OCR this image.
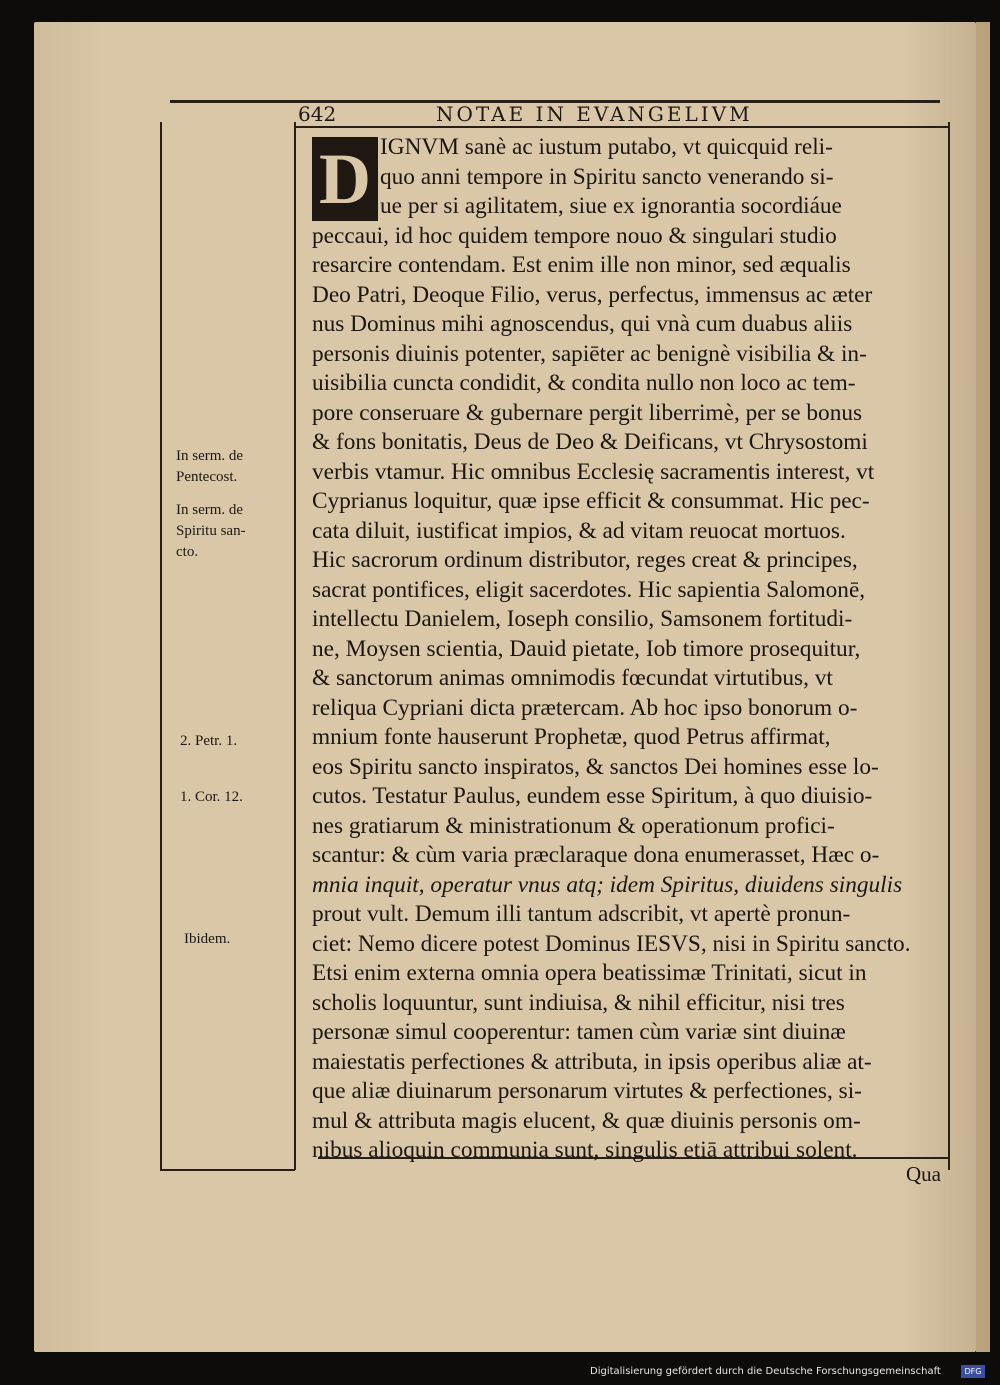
642	NOTAE IN EVANGELIVM
D IGNVM sanè ac iustum putabo, vt quicquid reli-
quo anni tempore in Spiritu sancto venerando si-
ue per si agilitatem, siue ex ignorantia socordiáue
peccaui, id hoc quidem tempore nouo & singulari studio
resarcire contendam. Est enim ille non minor, sed æqualis
Deo Patri, Deoque Filio, verus, perfectus, immensus ac æter
nus Dominus mihi agnoscendus, qui vnà cum duabus aliis
personis diuinis potenter, sapiēter ac benignè visibilia & in-
uisibilia cuncta condidit, & condita nullo non loco ac tem-
pore conseruare & gubernare pergit liberrimè, per se bonus
& fons bonitatis, Deus de Deo & Deificans, vt Chrysostomi
verbis vtamur. Hic omnibus Ecclesię sacramentis interest, vt
Cyprianus loquitur, quæ ipse efficit & consummat. Hic pec-
cata diluit, iustificat impios, & ad vitam reuocat mortuos.
Hic sacrorum ordinum distributor, reges creat & principes,
sacrat pontifices, eligit sacerdotes. Hic sapientia Salomonē,
intellectu Danielem, Ioseph consilio, Samsonem fortitudi-
ne, Moysen scientia, Dauid pietate, Iob timore prosequitur,
& sanctorum animas omnimodis fœcundat virtutibus, vt
reliqua Cypriani dicta prætercam. Ab hoc ipso bonorum o-
mnium fonte hauserunt Prophetæ, quod Petrus affirmat,
eos Spiritu sancto inspiratos, & sanctos Dei homines esse lo-
cutos. Testatur Paulus, eundem esse Spiritum, à quo diuisio-
nes gratiarum & ministrationum & operationum profici-
scantur: & cùm varia præclaraque dona enumerasset, Hæc o-
mnia inquit, operatur vnus atq; idem Spiritus, diuidens singulis
prout vult. Demum illi tantum adscribit, vt apertè pronun-
ciet: Nemo dicere potest Dominus IESVS, nisi in Spiritu sancto.
Etsi enim externa omnia opera beatissimæ Trinitati, sicut in
scholis loquuntur, sunt indiuisa, & nihil efficitur, nisi tres
personæ simul cooperentur: tamen cùm variæ sint diuinæ
maiestatis perfectiones & attributa, in ipsis operibus aliæ at-
que aliæ diuinarum personarum virtutes & perfectiones, si-
mul & attributa magis elucent, & quæ diuinis personis om-
nibus alioquin communia sunt, singulis etiā attribui solent.
Qua
In serm. de
Pentecost.
In serm. de
Spiritu san-
cto.
2. Petr. 1.
1. Cor. 12.
Ibidem.
Digitalisierung gefördert durch die Deutsche Forschungsgemeinschaft	DFG
